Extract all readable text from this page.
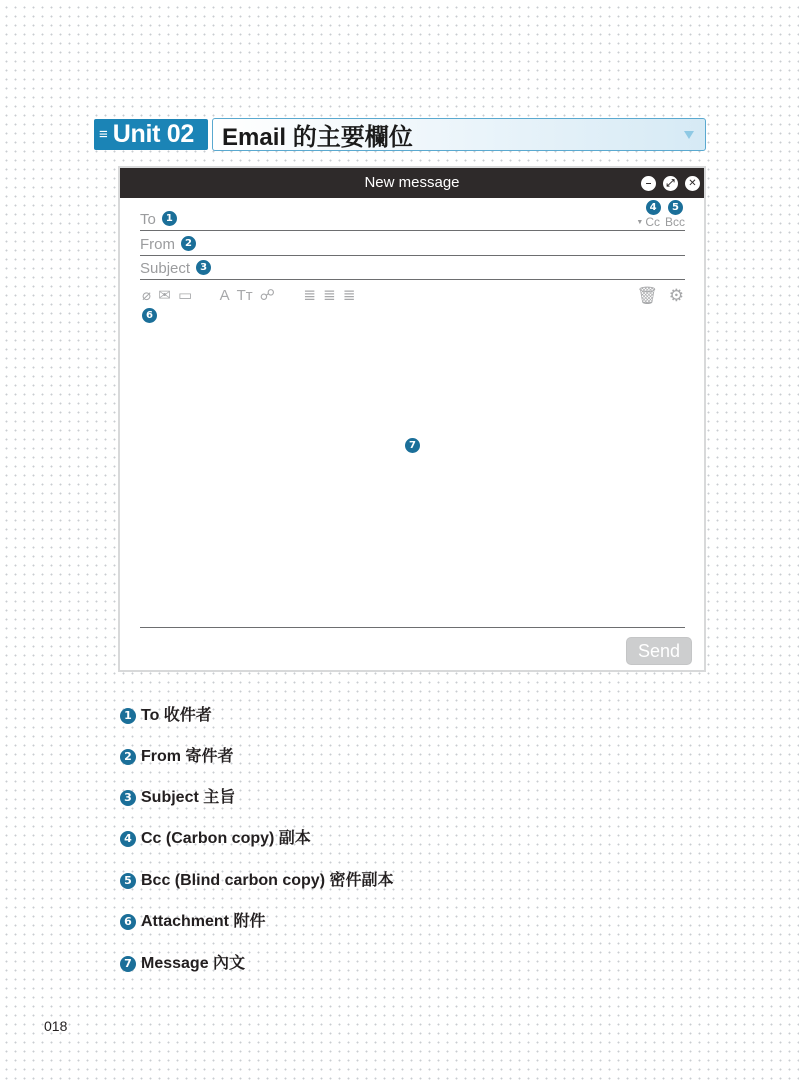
≡ Unit 02 Email 的主要欄位
New message	–	⤢	✕
To 1	▼
4
Cc
5
Bcc
From 2
Subject 3
⌀ ✉ ▭ A Tт ☍ ≣ ≣ ≣	🗑 ⚙
6
7
Send
1 To 收件者
2 From 寄件者
3 Subject 主旨
4 Cc (Carbon copy) 副本
5 Bcc (Blind carbon copy) 密件副本
6 Attachment 附件
7 Message 內文
018
